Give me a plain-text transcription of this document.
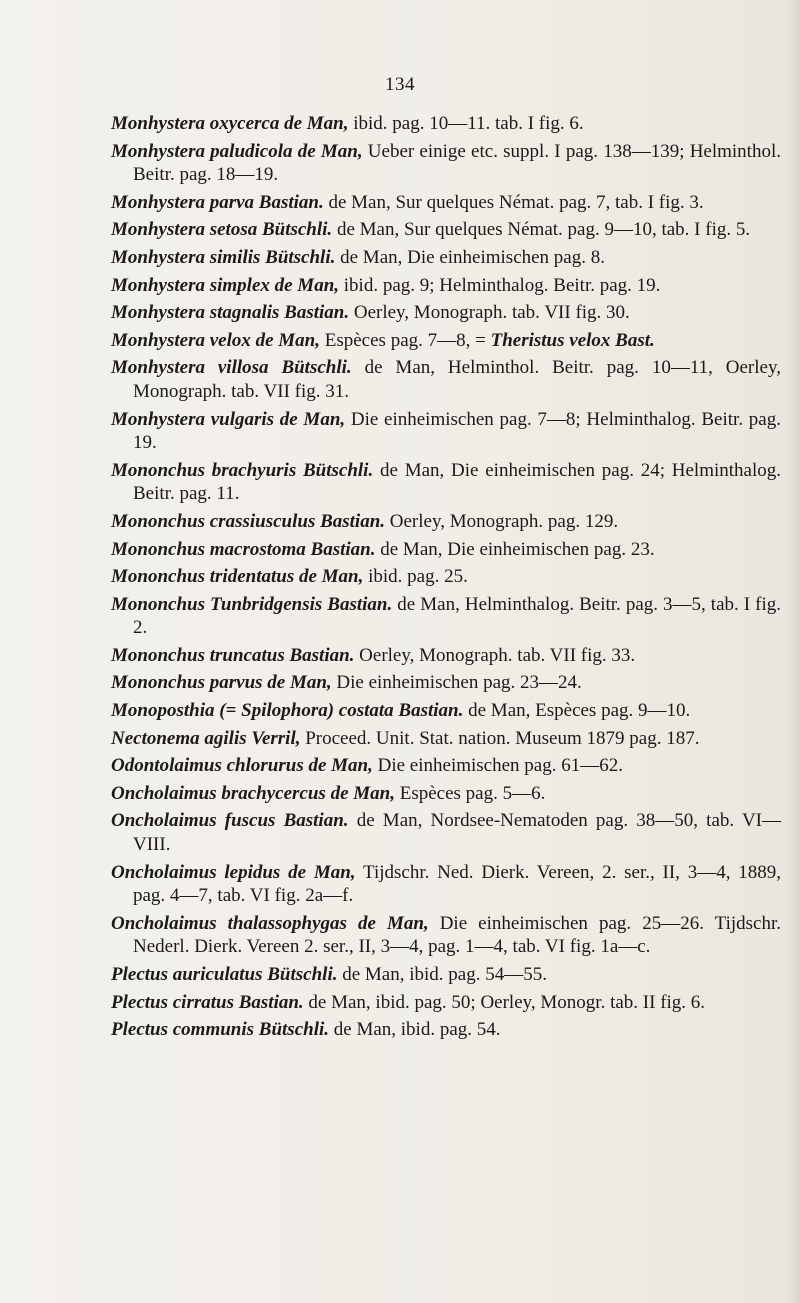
134

Monhystera oxycerca de Man, ibid. pag. 10—11. tab. I fig. 6.

Monhystera paludicola de Man, Ueber einige etc. suppl. I pag. 138—139; Helminthol. Beitr. pag. 18—19.

Monhystera parva Bastian. de Man, Sur quelques Némat. pag. 7, tab. I fig. 3.

Monhystera setosa Bütschli. de Man, Sur quelques Némat. pag. 9—10, tab. I fig. 5.

Monhystera similis Bütschli. de Man, Die einheimischen pag. 8.

Monhystera simplex de Man, ibid. pag. 9; Helminthalog. Beitr. pag. 19.

Monhystera stagnalis Bastian. Oerley, Monograph. tab. VII fig. 30.

Monhystera velox de Man, Espèces pag. 7—8, = Theristus velox Bast.

Monhystera villosa Bütschli. de Man, Helminthol. Beitr. pag. 10—11, Oerley, Monograph. tab. VII fig. 31.

Monhystera vulgaris de Man, Die einheimischen pag. 7—8; Helminthalog. Beitr. pag. 19.

Mononchus brachyuris Bütschli. de Man, Die einheimischen pag. 24; Helminthalog. Beitr. pag. 11.

Mononchus crassiusculus Bastian. Oerley, Monograph. pag. 129.

Mononchus macrostoma Bastian. de Man, Die einheimischen pag. 23.

Mononchus tridentatus de Man, ibid. pag. 25.

Mononchus Tunbridgensis Bastian. de Man, Helminthalog. Beitr. pag. 3—5, tab. I fig. 2.

Mononchus truncatus Bastian. Oerley, Monograph. tab. VII fig. 33.

Mononchus parvus de Man, Die einheimischen pag. 23—24.

Monoposthia (= Spilophora) costata Bastian. de Man, Espèces pag. 9—10.

Nectonema agilis Verril, Proceed. Unit. Stat. nation. Museum 1879 pag. 187.

Odontolaimus chlorurus de Man, Die einheimischen pag. 61—62.

Oncholaimus brachycercus de Man, Espèces pag. 5—6.

Oncholaimus fuscus Bastian. de Man, Nordsee-Nematoden pag. 38—50, tab. VI—VIII.

Oncholaimus lepidus de Man, Tijdschr. Ned. Dierk. Vereen, 2. ser., II, 3—4, 1889, pag. 4—7, tab. VI fig. 2a—f.

Oncholaimus thalassophygas de Man, Die einheimischen pag. 25—26. Tijdschr. Nederl. Dierk. Vereen 2. ser., II, 3—4, pag. 1—4, tab. VI fig. 1a—c.

Plectus auriculatus Bütschli. de Man, ibid. pag. 54—55.

Plectus cirratus Bastian. de Man, ibid. pag. 50; Oerley, Monogr. tab. II fig. 6.

Plectus communis Bütschli. de Man, ibid. pag. 54.
